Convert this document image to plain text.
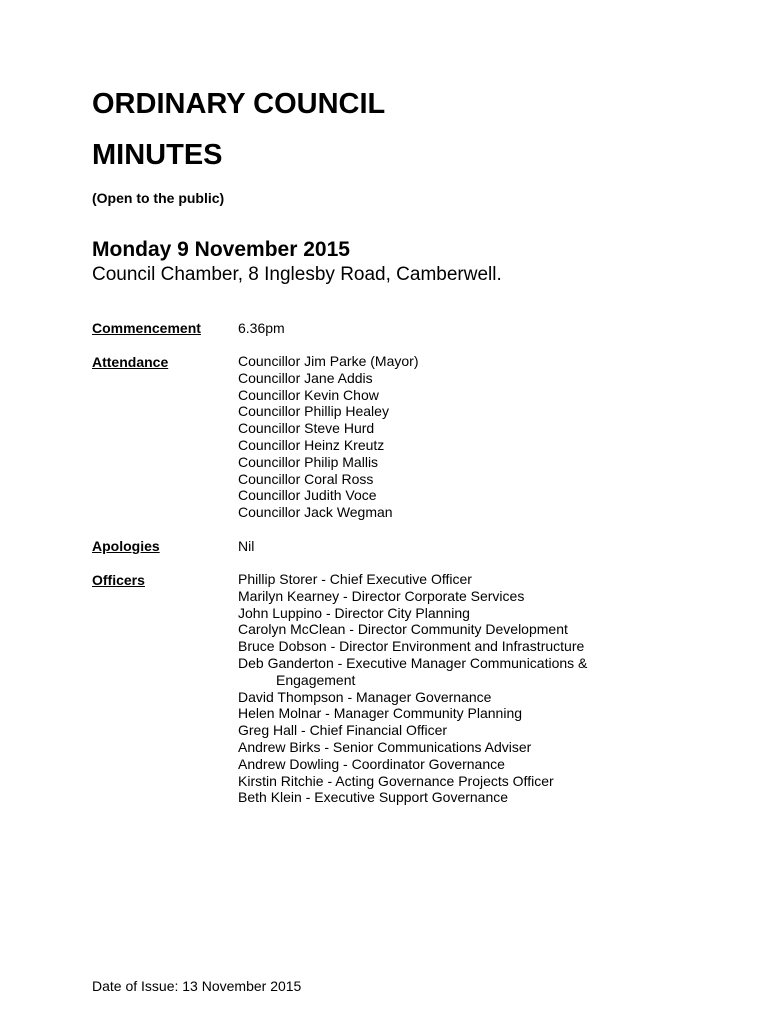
ORDINARY COUNCIL
MINUTES
(Open to the public)
Monday 9 November 2015
Council Chamber, 8 Inglesby Road, Camberwell.
Commencement	6.36pm
Attendance	Councillor Jim Parke (Mayor)
Councillor Jane Addis
Councillor Kevin Chow
Councillor Phillip Healey
Councillor Steve Hurd
Councillor Heinz Kreutz
Councillor Philip Mallis
Councillor Coral Ross
Councillor Judith Voce
Councillor Jack Wegman
Apologies	Nil
Officers	Phillip Storer - Chief Executive Officer
Marilyn Kearney - Director Corporate Services
John Luppino - Director City Planning
Carolyn McClean - Director Community Development
Bruce Dobson - Director Environment and Infrastructure
Deb Ganderton - Executive Manager Communications &
Engagement
David Thompson - Manager Governance
Helen Molnar - Manager Community Planning
Greg Hall - Chief Financial Officer
Andrew Birks - Senior Communications Adviser
Andrew Dowling - Coordinator Governance
Kirstin Ritchie - Acting Governance Projects Officer
Beth Klein - Executive Support Governance
Date of Issue: 13 November 2015
